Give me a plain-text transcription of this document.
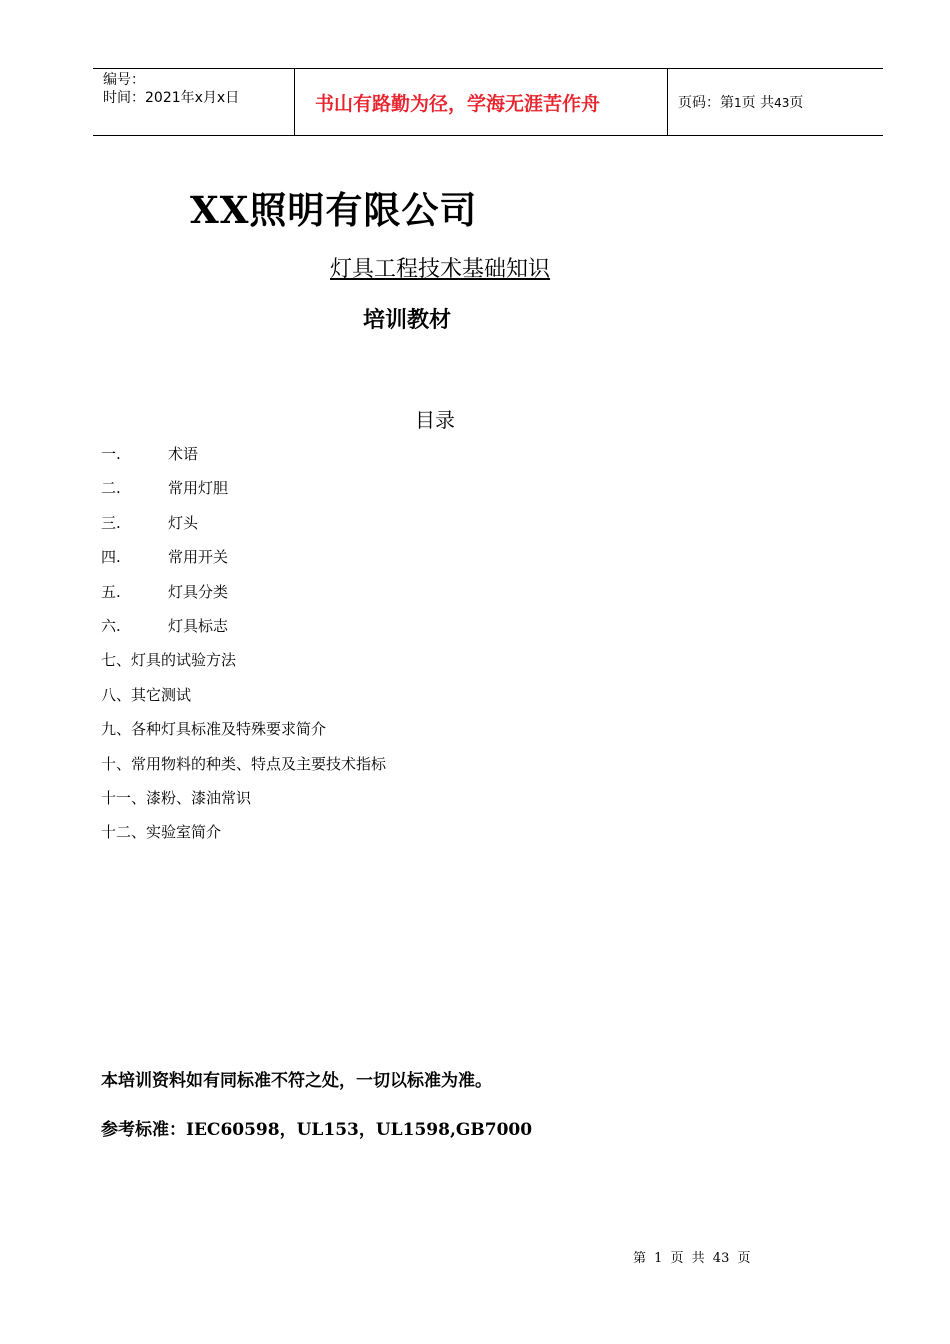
编号：
时间：2021年x月x日	书山有路勤为径，学海无涯苦作舟	页码：第1页 共43页
XX照明有限公司
灯具工程技术基础知识
培训教材
目录
一.	术语
二.	常用灯胆
三.	灯头
四.	常用开关
五.	灯具分类
六.	灯具标志
七、灯具的试验方法
八、其它测试
九、各种灯具标准及特殊要求简介
十、常用物料的种类、特点及主要技术指标
十一、漆粉、漆油常识
十二、实验室简介
本培训资料如有同标准不符之处，一切以标准为准。
参考标准：IEC60598，UL153，UL1598,GB7000
第 1 页 共 43 页
